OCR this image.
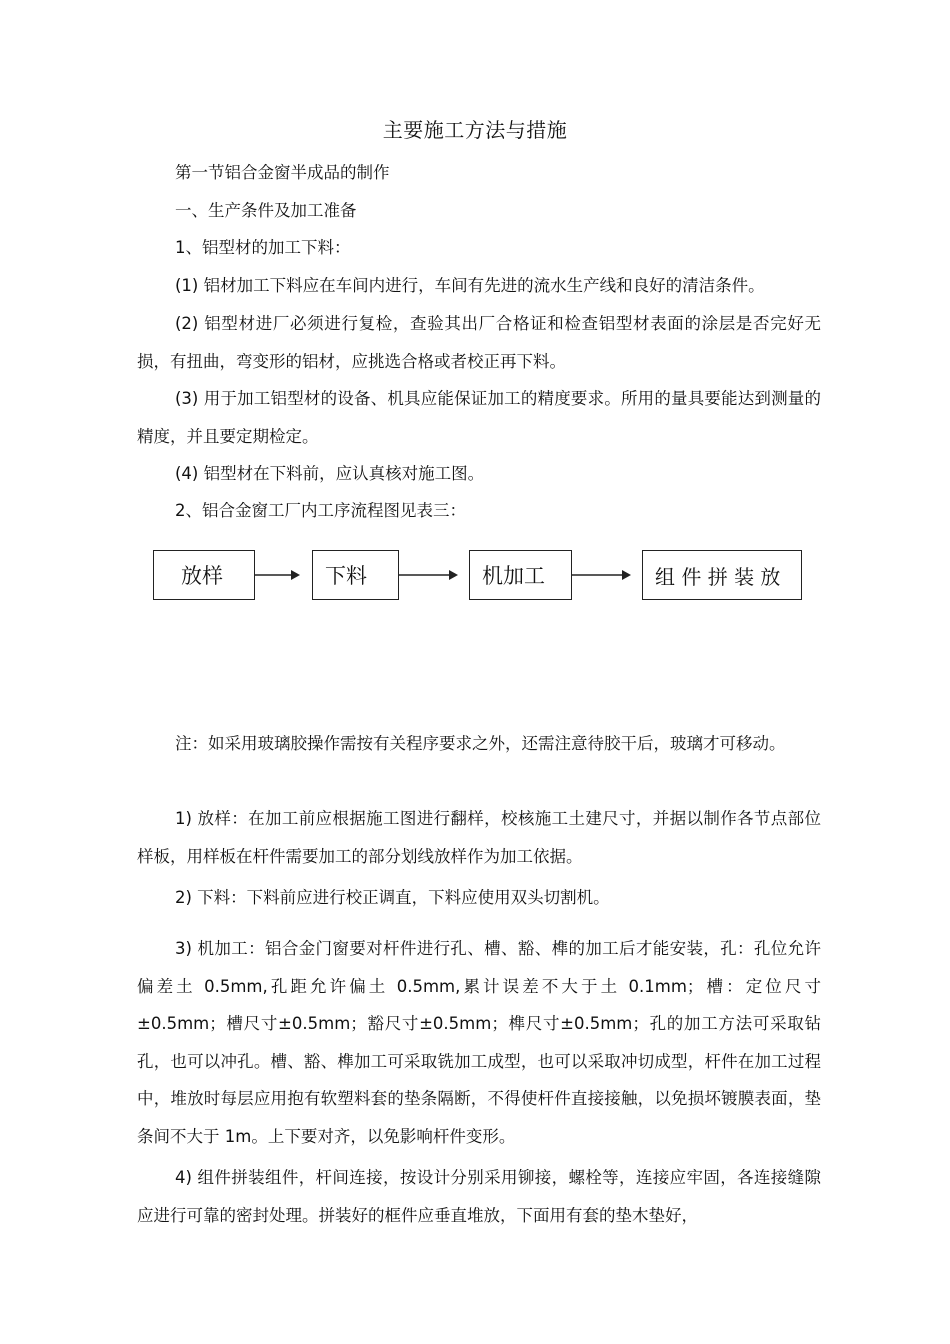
主要施工方法与措施
第一节铝合金窗半成品的制作
一、生产条件及加工准备
1、铝型材的加工下料：
(1) 铝材加工下料应在车间内进行，车间有先进的流水生产线和良好的清洁条件。
(2) 铝型材进厂必须进行复检，查验其出厂合格证和检查铝型材表面的涂层是否完好无损，有扭曲，弯变形的铝材，应挑选合格或者校正再下料。
(3) 用于加工铝型材的设备、机具应能保证加工的精度要求。所用的量具要能达到测量的精度，并且要定期检定。
(4) 铝型材在下料前，应认真核对施工图。
2、铝合金窗工厂内工序流程图见表三：
放样	下料	机加工	组 件 拼 装 放
注：如采用玻璃胶操作需按有关程序要求之外，还需注意待胶干后，玻璃才可移动。
1) 放样：在加工前应根据施工图进行翻样，校核施工土建尺寸，并据以制作各节点部位样板，用样板在杆件需要加工的部分划线放样作为加工依据。
2) 下料：下料前应进行校正调直，下料应使用双头切割机。
3) 机加工：铝合金门窗要对杆件进行孔、槽、豁、榫的加工后才能安装，孔：孔位允许偏差土 0.5mm,孔距允许偏土 0.5mm,累计误差不大于土 0.1mm；槽：定位尺寸±0.5mm；槽尺寸±0.5mm；豁尺寸±0.5mm；榫尺寸±0.5mm；孔的加工方法可采取钻孔，也可以冲孔。槽、豁、榫加工可采取铣加工成型，也可以采取冲切成型，杆件在加工过程中，堆放时每层应用抱有软塑料套的垫条隔断，不得使杆件直接接触，以免损坏镀膜表面，垫条间不大于 1m。上下要对齐，以免影响杆件变形。
4) 组件拼装组件，杆间连接，按设计分别采用铆接，螺栓等，连接应牢固，各连接缝隙应进行可靠的密封处理。拼装好的框件应垂直堆放，下面用有套的垫木垫好，
